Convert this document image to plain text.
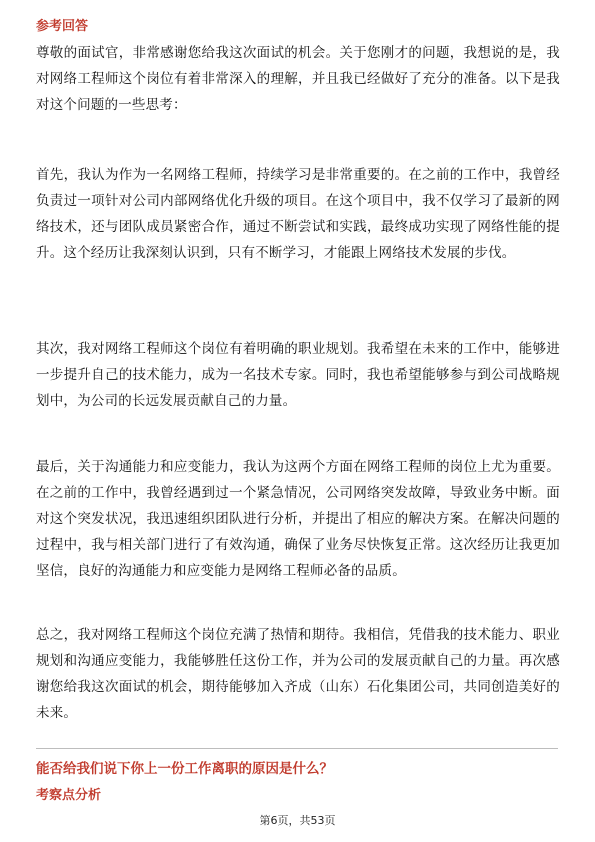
参考回答

尊敬的面试官，非常感谢您给我这次面试的机会。关于您刚才的问题，我想说的是，我对网络工程师这个岗位有着非常深入的理解，并且我已经做好了充分的准备。以下是我对这个问题的一些思考：

首先，我认为作为一名网络工程师，持续学习是非常重要的。在之前的工作中，我曾经负责过一项针对公司内部网络优化升级的项目。在这个项目中，我不仅学习了最新的网络技术，还与团队成员紧密合作，通过不断尝试和实践，最终成功实现了网络性能的提升。这个经历让我深刻认识到，只有不断学习，才能跟上网络技术发展的步伐。

其次，我对网络工程师这个岗位有着明确的职业规划。我希望在未来的工作中，能够进一步提升自己的技术能力，成为一名技术专家。同时，我也希望能够参与到公司战略规划中，为公司的长远发展贡献自己的力量。

最后，关于沟通能力和应变能力，我认为这两个方面在网络工程师的岗位上尤为重要。在之前的工作中，我曾经遇到过一个紧急情况，公司网络突发故障，导致业务中断。面对这个突发状况，我迅速组织团队进行分析，并提出了相应的解决方案。在解决问题的过程中，我与相关部门进行了有效沟通，确保了业务尽快恢复正常。这次经历让我更加坚信，良好的沟通能力和应变能力是网络工程师必备的品质。

总之，我对网络工程师这个岗位充满了热情和期待。我相信，凭借我的技术能力、职业规划和沟通应变能力，我能够胜任这份工作，并为公司的发展贡献自己的力量。再次感谢您给我这次面试的机会，期待能够加入齐成（山东）石化集团公司，共同创造美好的未来。

能否给我们说下你上一份工作离职的原因是什么？
考察点分析
第6页，共53页
